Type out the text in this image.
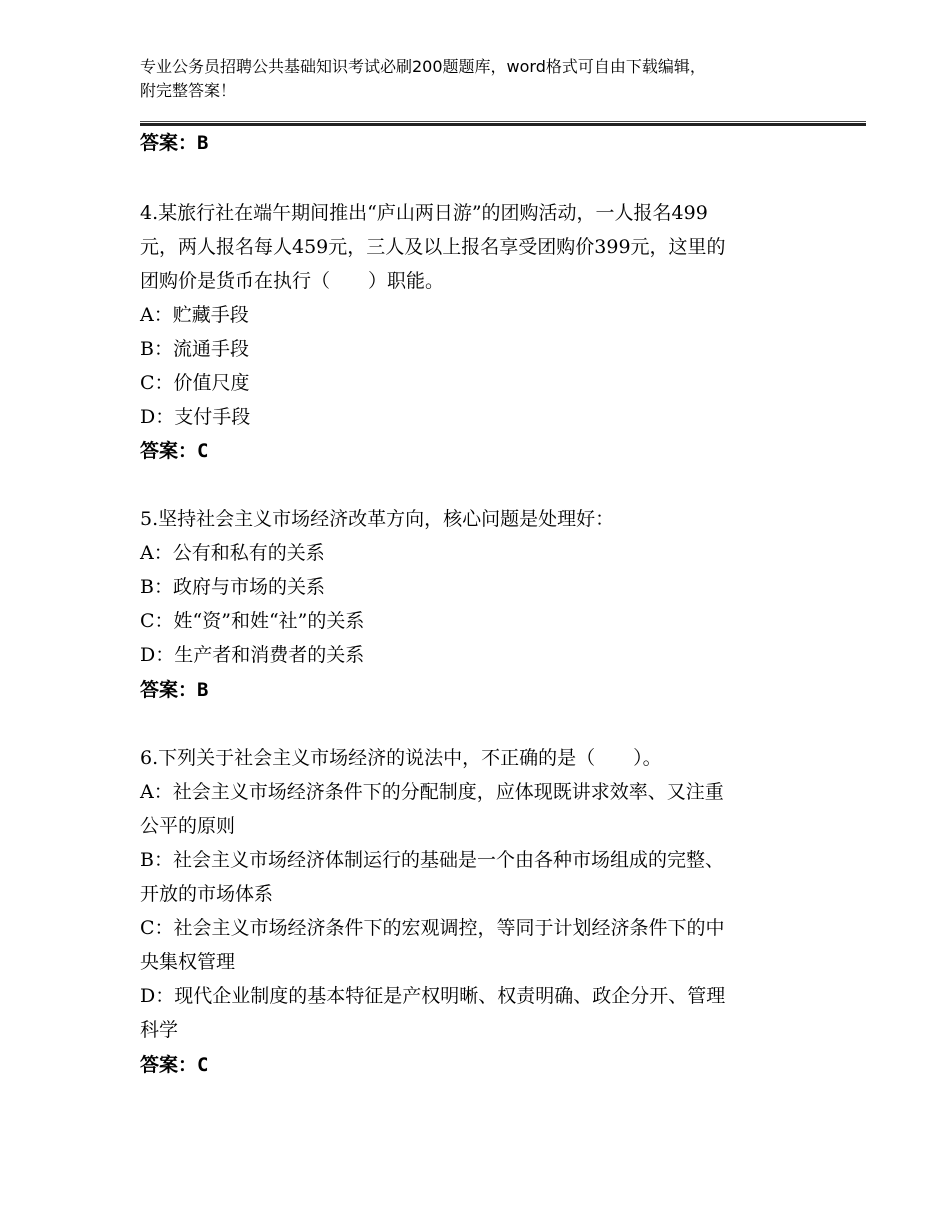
专业公务员招聘公共基础知识考试必刷200题题库，word格式可自由下载编辑，
附完整答案！
答案：B
4.某旅行社在端午期间推出“庐山两日游”的团购活动，一人报名499
元，两人报名每人459元，三人及以上报名享受团购价399元，这里的
团购价是货币在执行（　　）职能。
A：贮藏手段
B：流通手段
C：价值尺度
D：支付手段
答案：C
5.坚持社会主义市场经济改革方向，核心问题是处理好：
A：公有和私有的关系
B：政府与市场的关系
C：姓“资”和姓“社”的关系
D：生产者和消费者的关系
答案：B
6.下列关于社会主义市场经济的说法中，不正确的是（　　）。
A：社会主义市场经济条件下的分配制度，应体现既讲求效率、又注重
公平的原则
B：社会主义市场经济体制运行的基础是一个由各种市场组成的完整、
开放的市场体系
C：社会主义市场经济条件下的宏观调控，等同于计划经济条件下的中
央集权管理
D：现代企业制度的基本特征是产权明晰、权责明确、政企分开、管理
科学
答案：C
